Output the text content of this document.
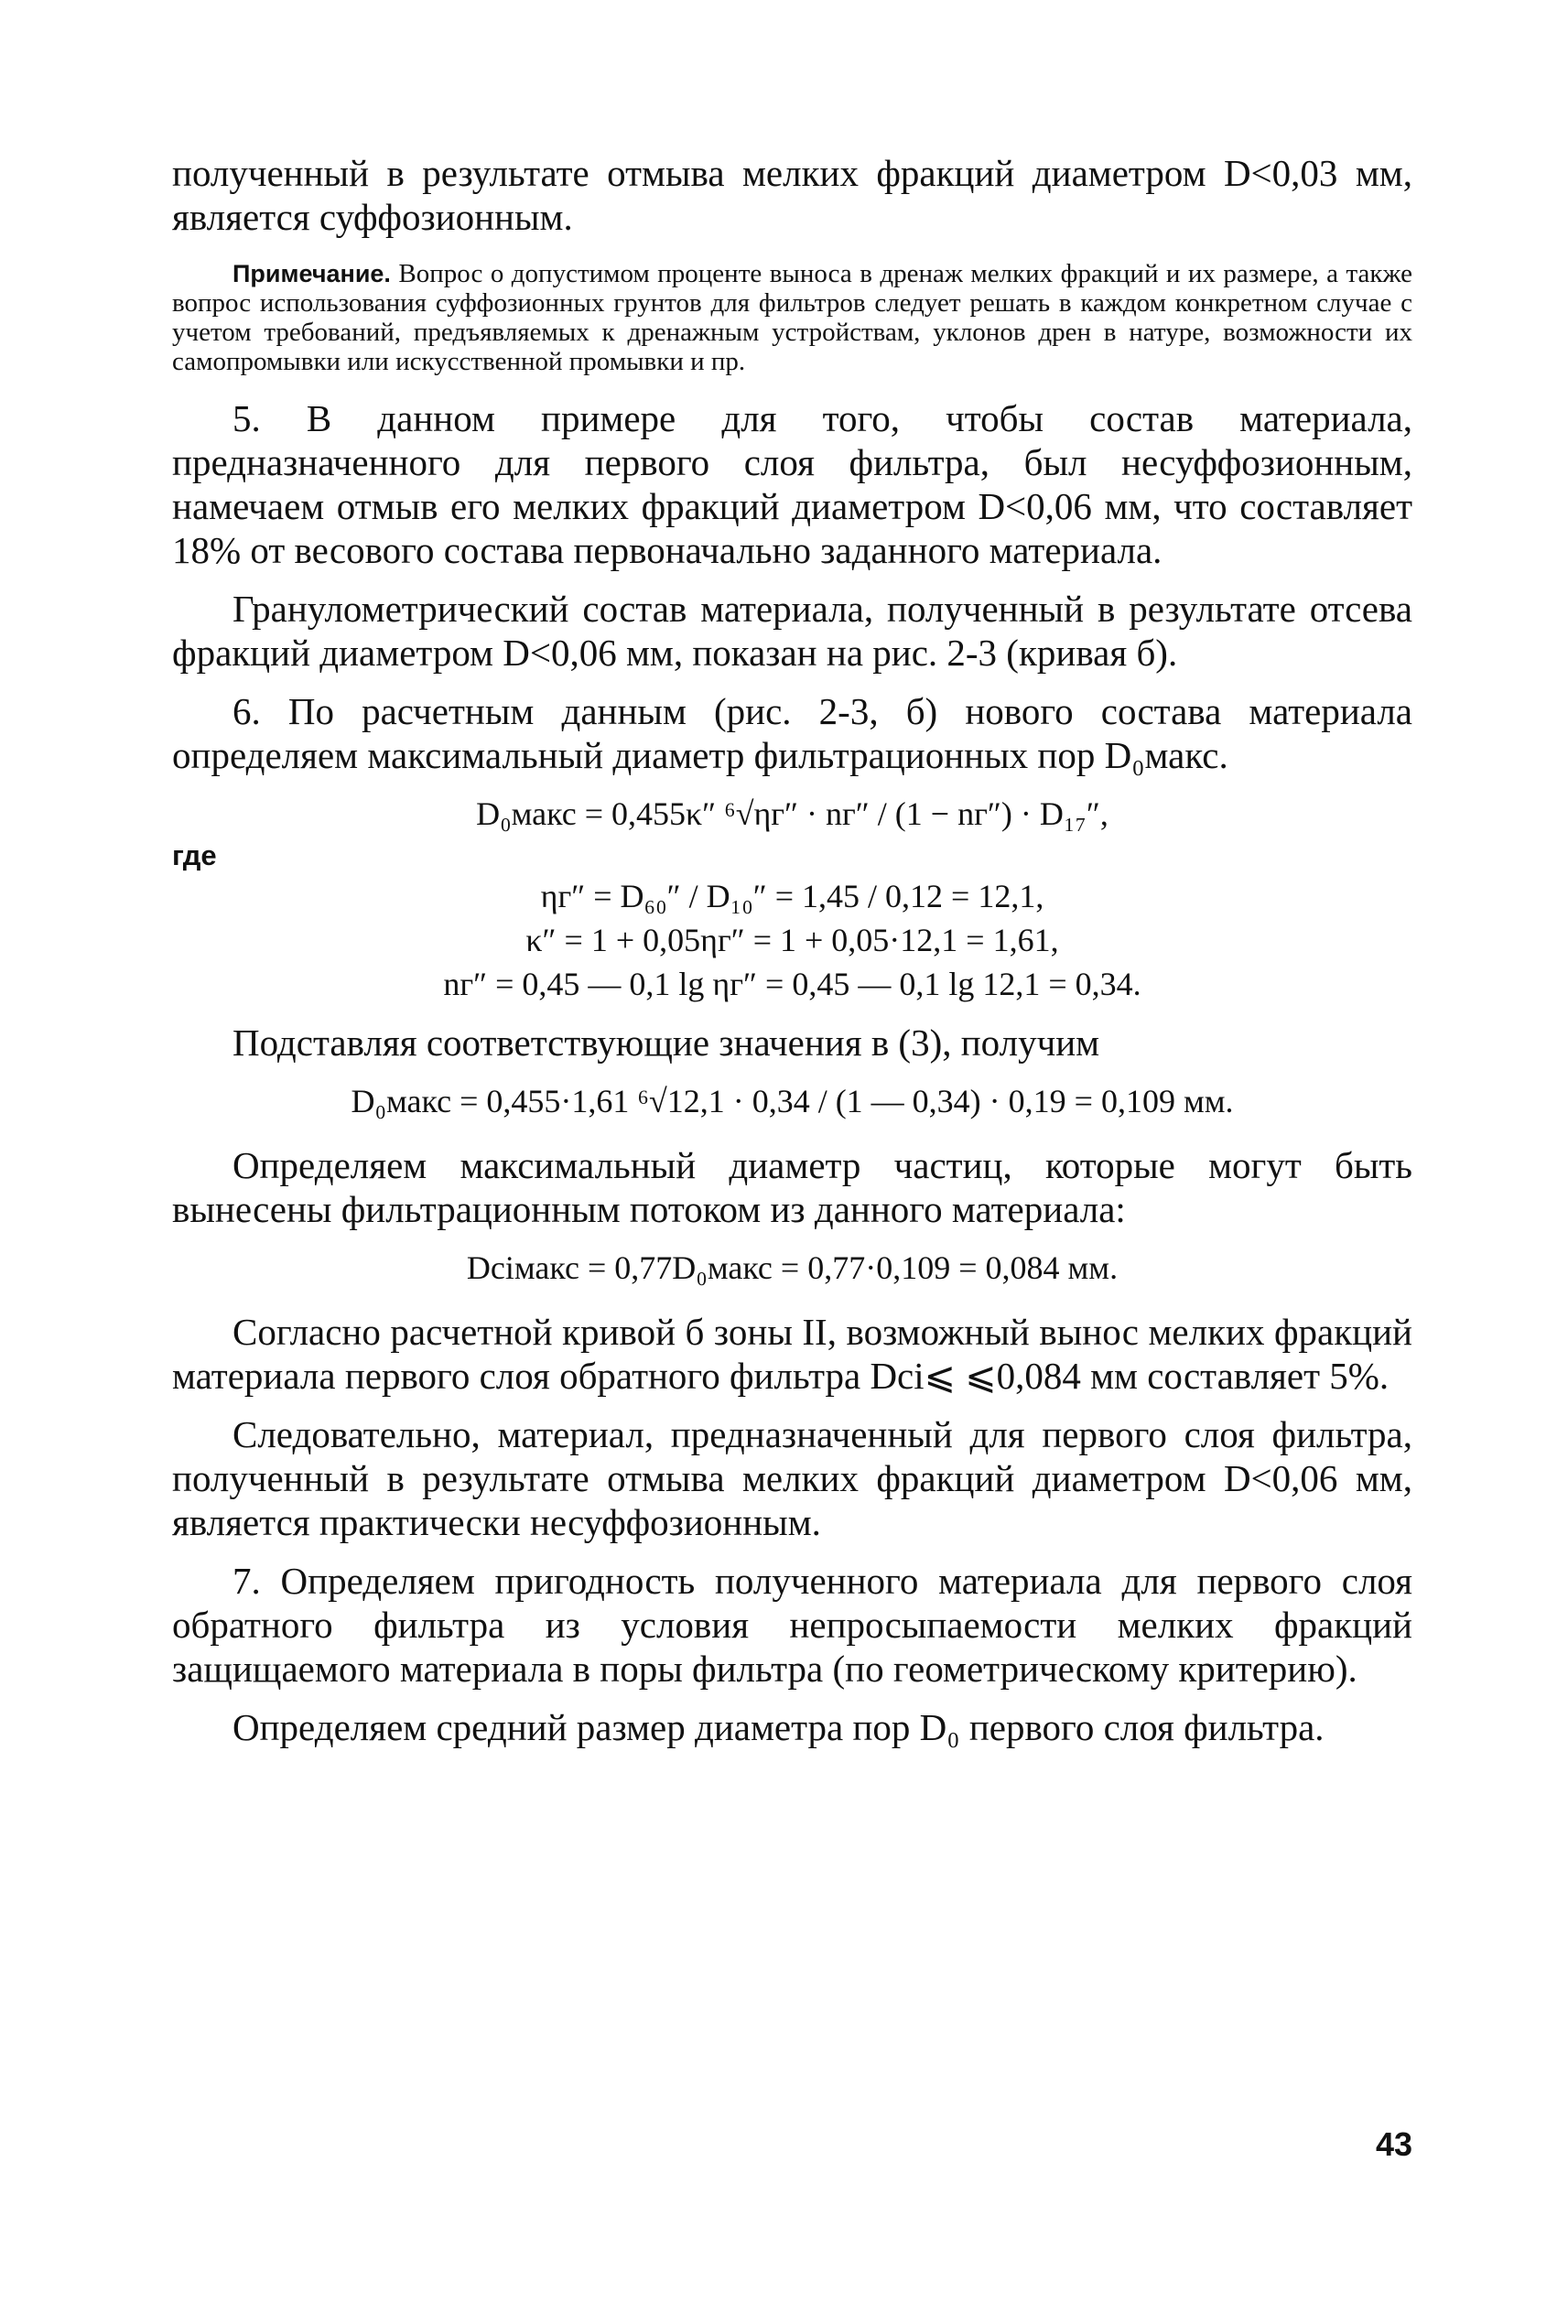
полученный в результате отмыва мелких фракций диаметром D<0,03 мм, является суффозионным.

Примечание. Вопрос о допустимом проценте выноса в дренаж мелких фракций и их размере, а также вопрос использования суффозионных грунтов для фильтров следует решать в каждом конкретном случае с учетом требований, предъявляемых к дренажным устройствам, уклонов дрен в натуре, возможности их самопромывки или искусственной промывки и пр.

5. В данном примере для того, чтобы состав материала, предназначенного для первого слоя фильтра, был несуффозионным, намечаем отмыв его мелких фракций диаметром D<0,06 мм, что составляет 18% от весового состава первоначально заданного материала.

Гранулометрический состав материала, полученный в результате отсева фракций диаметром D<0,06 мм, показан на рис. 2-3 (кривая б).

6. По расчетным данным (рис. 2-3, б) нового состава материала определяем максимальный диаметр фильтрационных пор D₀макс.

D₀макс = 0,455κ″ ⁶√ηг″ · nг″ / (1 − nг″) · D₁₇″,

где

ηг″ = D₆₀″ / D₁₀″ = 1,45 / 0,12 = 12,1,

κ″ = 1 + 0,05ηг″ = 1 + 0,05·12,1 = 1,61,

nг″ = 0,45 — 0,1 lg ηг″ = 0,45 — 0,1 lg 12,1 = 0,34.

Подставляя соответствующие значения в (3), получим

D₀макс = 0,455·1,61 ⁶√12,1 · 0,34 / (1 — 0,34) · 0,19 = 0,109 мм.

Определяем максимальный диаметр частиц, которые могут быть вынесены фильтрационным потоком из данного материала:

Dciмакс = 0,77D₀макс = 0,77·0,109 = 0,084 мм.

Согласно расчетной кривой б зоны II, возможный вынос мелких фракций материала первого слоя обратного фильтра Dci⩽ ⩽0,084 мм составляет 5%.

Следовательно, материал, предназначенный для первого слоя фильтра, полученный в результате отмыва мелких фракций диаметром D<0,06 мм, является практически несуффозионным.

7. Определяем пригодность полученного материала для первого слоя обратного фильтра из условия непросыпаемости мелких фракций защищаемого материала в поры фильтра (по геометрическому критерию).

Определяем средний размер диаметра пор D₀ первого слоя фильтра.

43
